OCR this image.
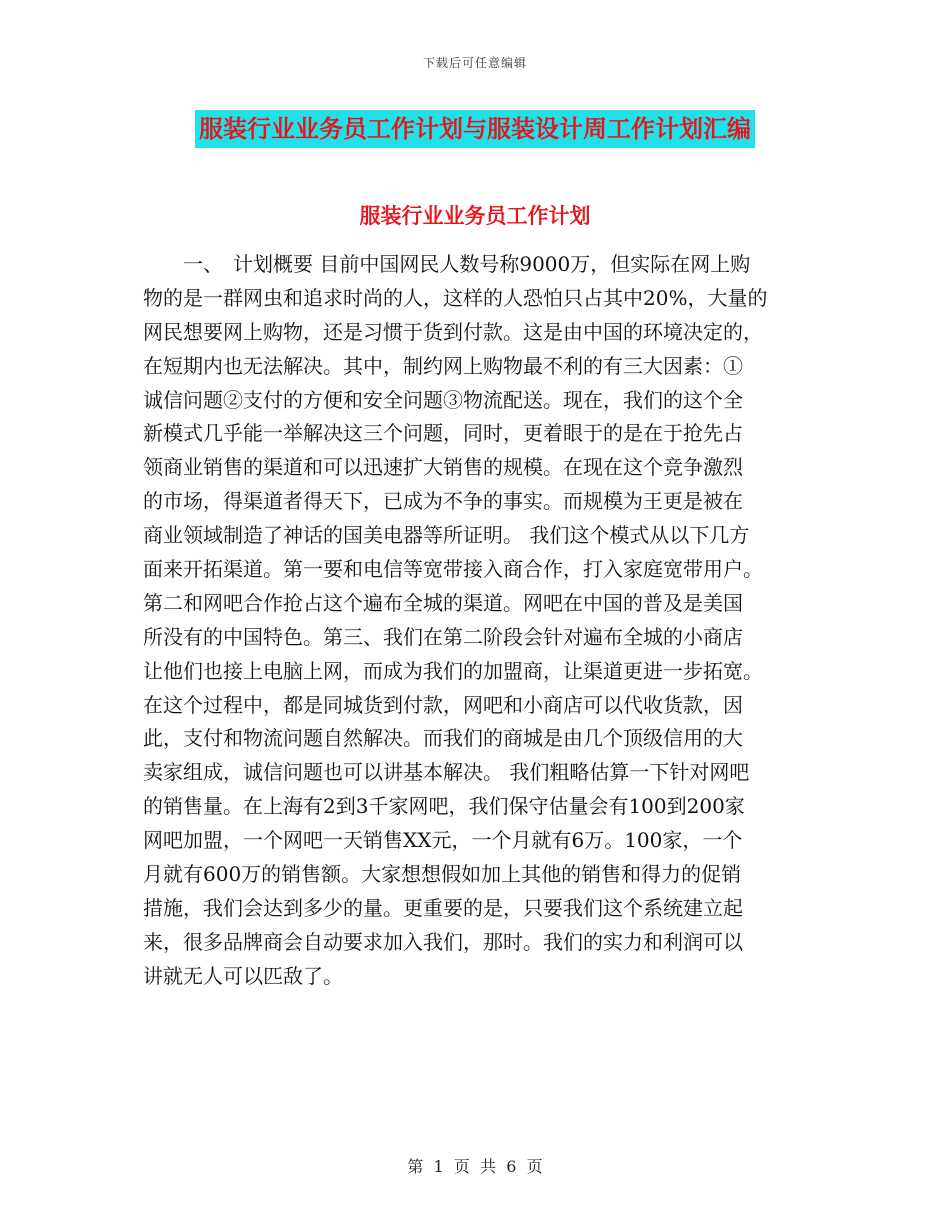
下载后可任意编辑
服装行业业务员工作计划与服装设计周工作计划汇编
服装行业业务员工作计划
　　一、　计划概要 目前中国网民人数号称9000万，但实际在网上购
物的是一群网虫和追求时尚的人，这样的人恐怕只占其中20%，大量的
网民想要网上购物，还是习惯于货到付款。这是由中国的环境决定的，
在短期内也无法解决。其中，制约网上购物最不利的有三大因素：①
诚信问题②支付的方便和安全问题③物流配送。现在，我们的这个全
新模式几乎能一举解决这三个问题，同时，更着眼于的是在于抢先占
领商业销售的渠道和可以迅速扩大销售的规模。在现在这个竞争激烈
的市场，得渠道者得天下，已成为不争的事实。而规模为王更是被在
商业领域制造了神话的国美电器等所证明。 我们这个模式从以下几方
面来开拓渠道。第一要和电信等宽带接入商合作，打入家庭宽带用户。
第二和网吧合作抢占这个遍布全城的渠道。网吧在中国的普及是美国
所没有的中国特色。第三、我们在第二阶段会针对遍布全城的小商店
让他们也接上电脑上网，而成为我们的加盟商，让渠道更进一步拓宽。
在这个过程中，都是同城货到付款，网吧和小商店可以代收货款，因
此，支付和物流问题自然解决。而我们的商城是由几个顶级信用的大
卖家组成，诚信问题也可以讲基本解决。 我们粗略估算一下针对网吧
的销售量。在上海有2到3千家网吧，我们保守估量会有100到200家
网吧加盟，一个网吧一天销售XX元，一个月就有6万。100家，一个
月就有600万的销售额。大家想想假如加上其他的销售和得力的促销
措施，我们会达到多少的量。更重要的是，只要我们这个系统建立起
来，很多品牌商会自动要求加入我们，那时。我们的实力和利润可以
讲就无人可以匹敌了。
第  1  页  共  6  页
